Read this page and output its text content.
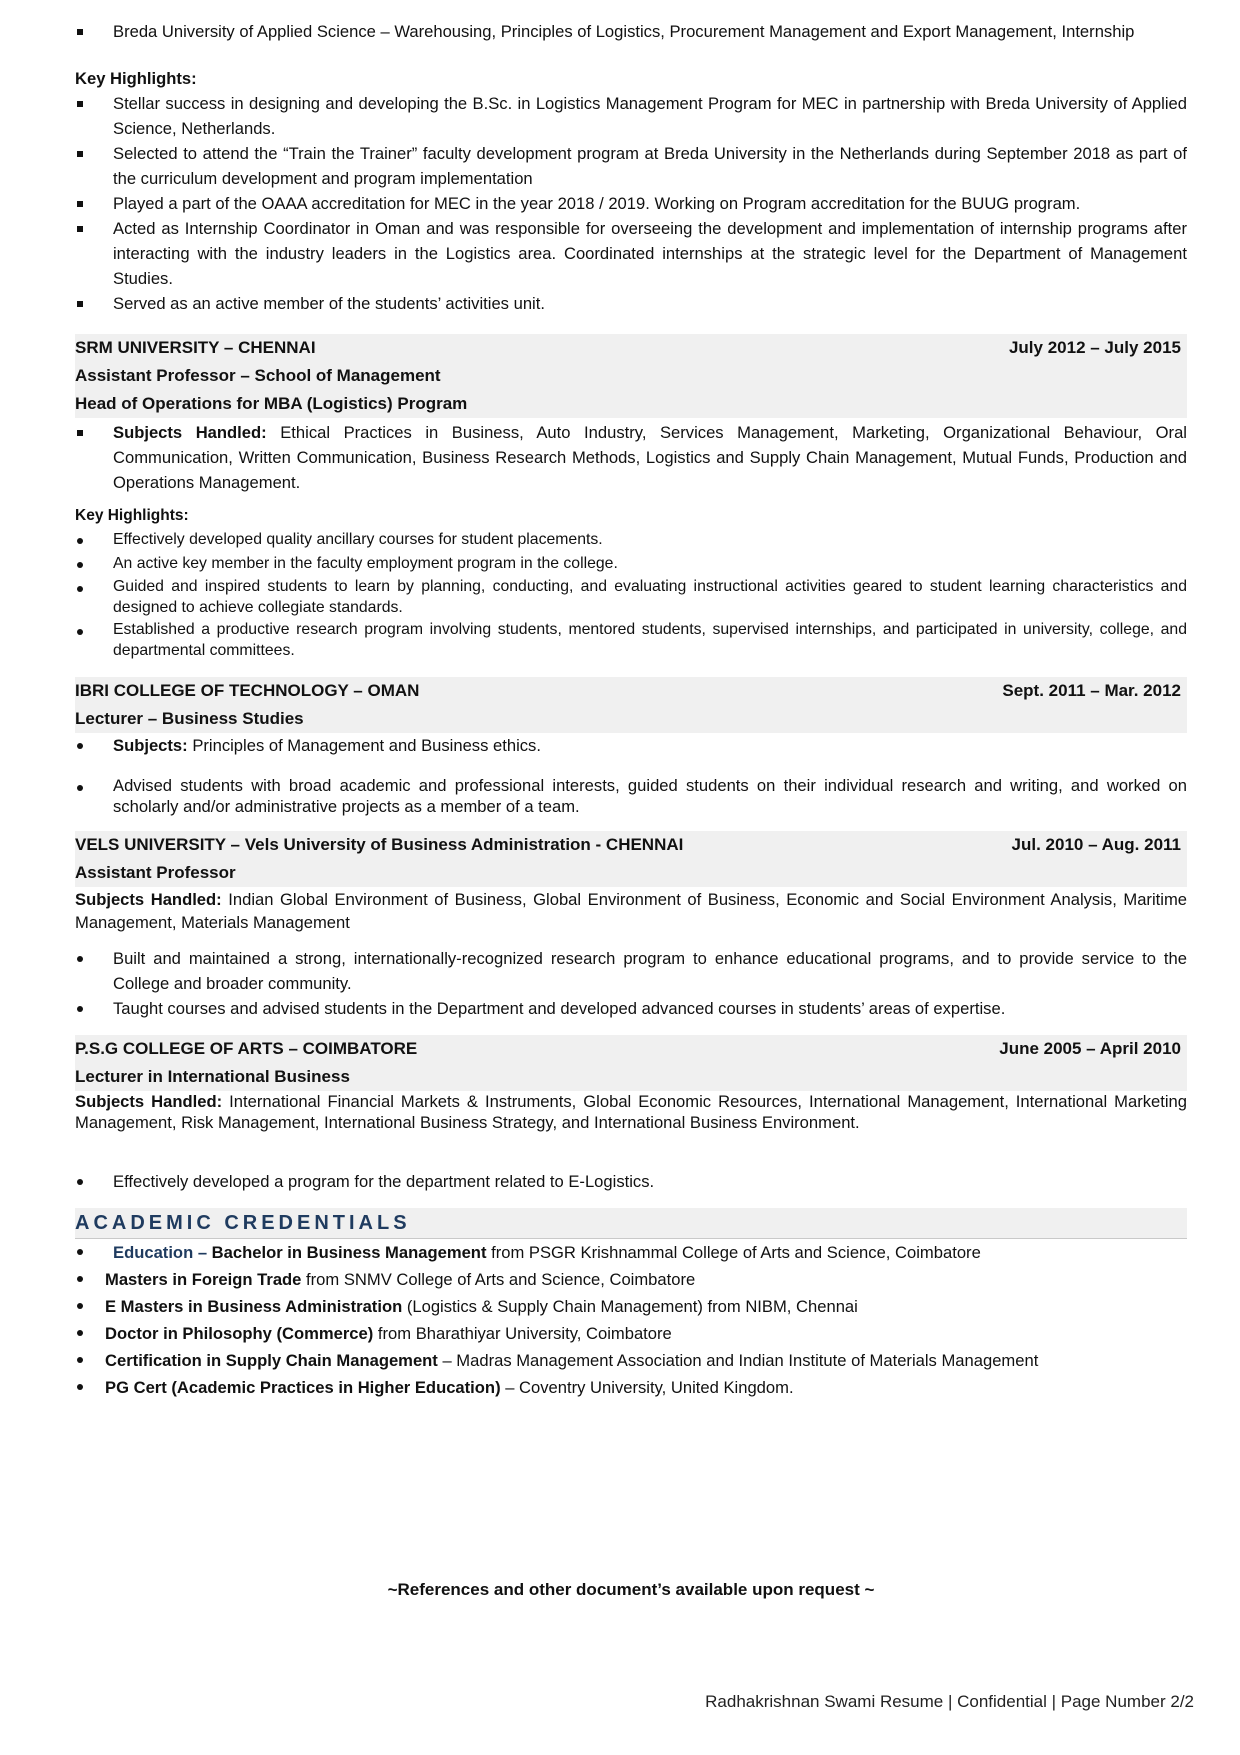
Breda University of Applied Science – Warehousing, Principles of Logistics, Procurement Management and Export Management, Internship
Key Highlights:
Stellar success in designing and developing the B.Sc. in Logistics Management Program for MEC in partnership with Breda University of Applied Science, Netherlands.
Selected to attend the “Train the Trainer” faculty development program at Breda University in the Netherlands during September 2018 as part of the curriculum development and program implementation
Played a part of the OAAA accreditation for MEC in the year 2018 / 2019. Working on Program accreditation for the BUUG program.
Acted as Internship Coordinator in Oman and was responsible for overseeing the development and implementation of internship programs after interacting with the industry leaders in the Logistics area. Coordinated internships at the strategic level for the Department of Management Studies.
Served as an active member of the students’ activities unit.
SRM UNIVERSITY – CHENNAI	July 2012 – July 2015
Assistant Professor – School of Management
Head of Operations for MBA (Logistics) Program
Subjects Handled: Ethical Practices in Business, Auto Industry, Services Management, Marketing, Organizational Behaviour, Oral Communication, Written Communication, Business Research Methods, Logistics and Supply Chain Management, Mutual Funds, Production and Operations Management.
Key Highlights:
Effectively developed quality ancillary courses for student placements.
An active key member in the faculty employment program in the college.
Guided and inspired students to learn by planning, conducting, and evaluating instructional activities geared to student learning characteristics and designed to achieve collegiate standards.
Established a productive research program involving students, mentored students, supervised internships, and participated in university, college, and departmental committees.
IBRI COLLEGE OF TECHNOLOGY – OMAN	Sept. 2011 – Mar. 2012
Lecturer – Business Studies
Subjects: Principles of Management and Business ethics.
Advised students with broad academic and professional interests, guided students on their individual research and writing, and worked on scholarly and/or administrative projects as a member of a team.
VELS UNIVERSITY – Vels University of Business Administration - CHENNAI	Jul. 2010 – Aug. 2011
Assistant Professor
Subjects Handled: Indian Global Environment of Business, Global Environment of Business, Economic and Social Environment Analysis, Maritime Management, Materials Management
Built and maintained a strong, internationally-recognized research program to enhance educational programs, and to provide service to the College and broader community.
Taught courses and advised students in the Department and developed advanced courses in students’ areas of expertise.
P.S.G COLLEGE OF ARTS – COIMBATORE	June 2005 – April 2010
Lecturer in International Business
Subjects Handled: International Financial Markets & Instruments, Global Economic Resources, International Management, International Marketing Management, Risk Management, International Business Strategy, and International Business Environment.
Effectively developed a program for the department related to E-Logistics.
ACADEMIC CREDENTIALS
Education – Bachelor in Business Management from PSGR Krishnammal College of Arts and Science, Coimbatore
Masters in Foreign Trade from SNMV College of Arts and Science, Coimbatore
E Masters in Business Administration (Logistics & Supply Chain Management) from NIBM, Chennai
Doctor in Philosophy (Commerce) from Bharathiyar University, Coimbatore
Certification in Supply Chain Management – Madras Management Association and Indian Institute of Materials Management
PG Cert (Academic Practices in Higher Education) – Coventry University, United Kingdom.
~References and other document’s available upon request ~
Radhakrishnan Swami Resume | Confidential | Page Number 2/2
